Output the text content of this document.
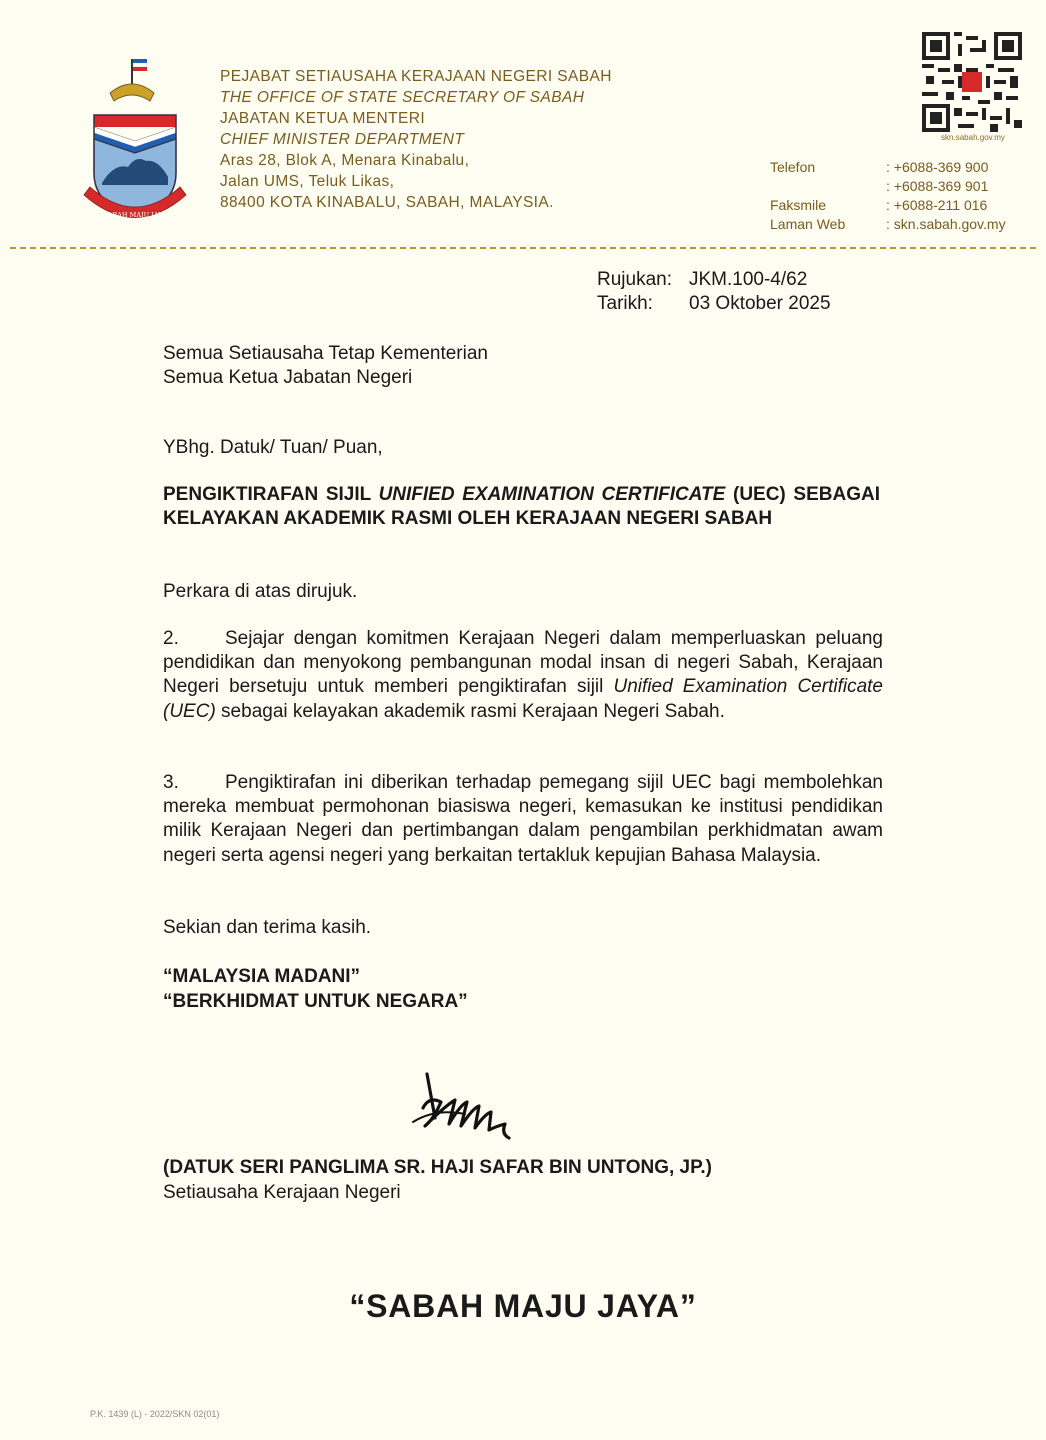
SABAH MAJU JAYA
PEJABAT SETIAUSAHA KERAJAAN NEGERI SABAH
THE OFFICE OF STATE SECRETARY OF SABAH
JABATAN KETUA MENTERI
CHIEF MINISTER DEPARTMENT
Aras 28, Blok A, Menara Kinabalu,
Jalan UMS, Teluk Likas,
88400 KOTA KINABALU, SABAH, MALAYSIA.
skn.sabah.gov.my
Telefon
Faksmile
Laman Web
: +6088-369 900
: +6088-369 901
: +6088-211 016
: skn.sabah.gov.my
Rujukan: JKM.100-4/62
Tarikh:	03 Oktober 2025
Semua Setiausaha Tetap Kementerian
Semua Ketua Jabatan Negeri
YBhg. Datuk/ Tuan/ Puan,
PENGIKTIRAFAN SIJIL UNIFIED EXAMINATION CERTIFICATE (UEC) SEBAGAI KELAYAKAN AKADEMIK RASMI OLEH KERAJAAN NEGERI SABAH
Perkara di atas dirujuk.
2. Sejajar dengan komitmen Kerajaan Negeri dalam memperluaskan peluang pendidikan dan menyokong pembangunan modal insan di negeri Sabah, Kerajaan Negeri bersetuju untuk memberi pengiktirafan sijil Unified Examination Certificate (UEC) sebagai kelayakan akademik rasmi Kerajaan Negeri Sabah.
3. Pengiktirafan ini diberikan terhadap pemegang sijil UEC bagi membolehkan mereka membuat permohonan biasiswa negeri, kemasukan ke institusi pendidikan milik Kerajaan Negeri dan pertimbangan dalam pengambilan perkhidmatan awam negeri serta agensi negeri yang berkaitan tertakluk kepujian Bahasa Malaysia.
Sekian dan terima kasih.
“MALAYSIA MADANI”
“BERKHIDMAT UNTUK NEGARA”
(DATUK SERI PANGLIMA SR. HAJI SAFAR BIN UNTONG, JP.)
Setiausaha Kerajaan Negeri
“SABAH MAJU JAYA”
P.K. 1439 (L) - 2022/SKN 02(01)
